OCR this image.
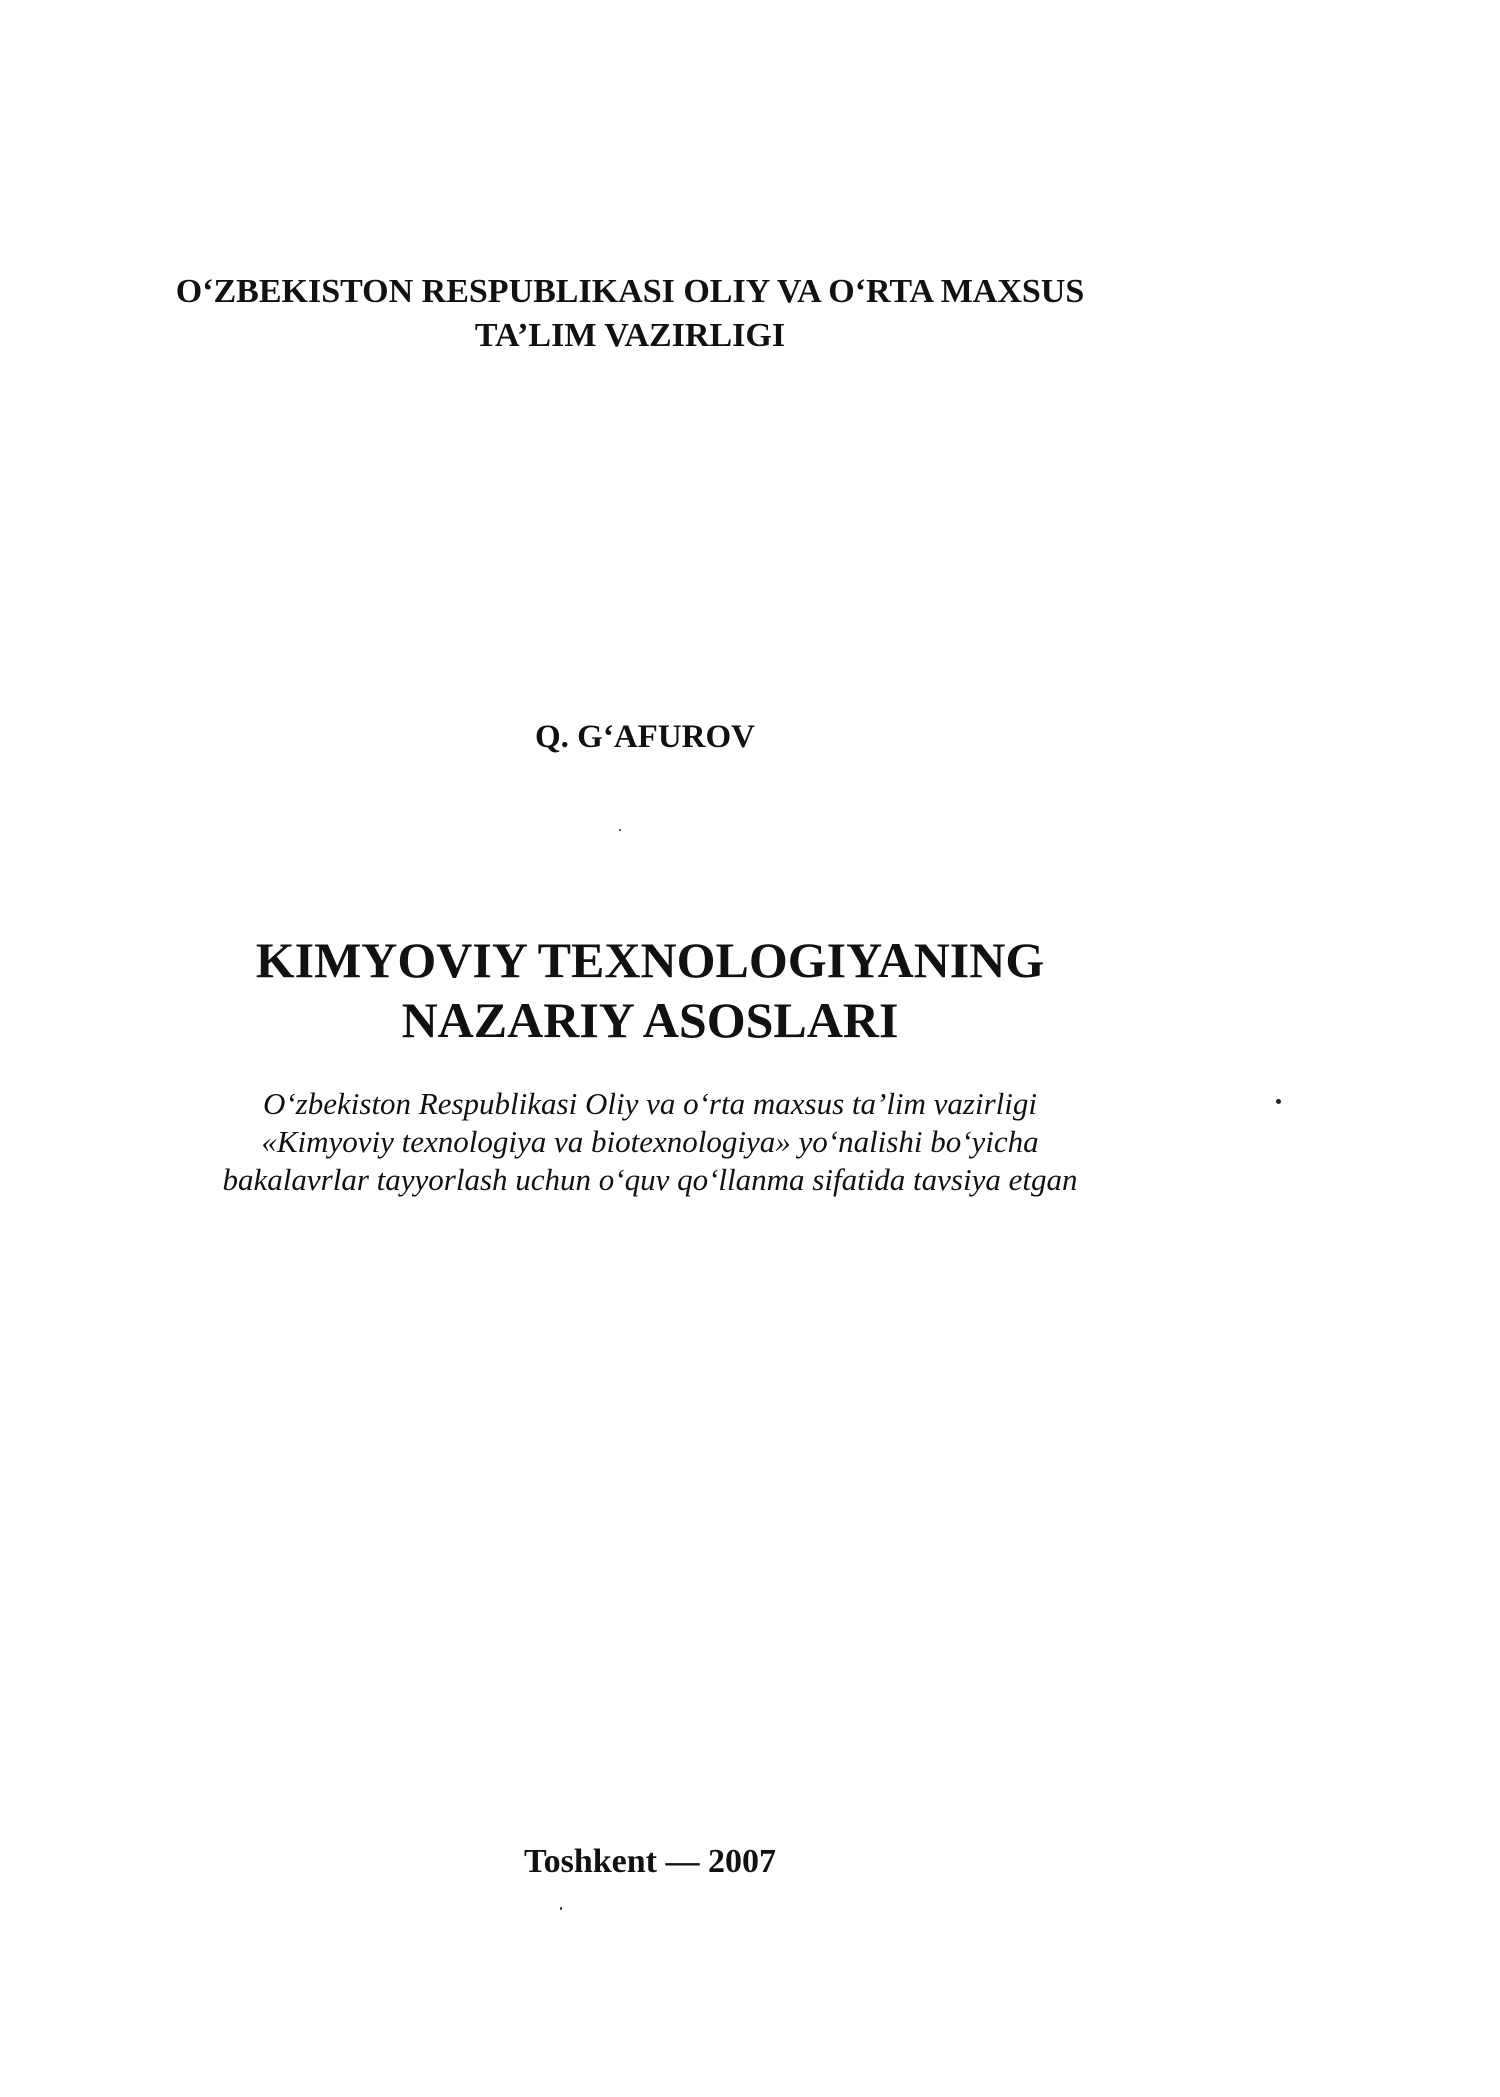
O‘ZBEKISTON RESPUBLIKASI OLIY VA O‘RTA MAXSUS
TA’LIM VAZIRLIGI
Q. G‘AFUROV
KIMYOVIY TEXNOLOGIYANING
NAZARIY ASOSLARI
O‘zbekiston Respublikasi Oliy va o‘rta maxsus ta’lim vazirligi
«Kimyoviy texnologiya va biotexnologiya» yo‘nalishi bo‘yicha
bakalavrlar tayyorlash uchun o‘quv qo‘llanma sifatida tavsiya etgan
Toshkent — 2007
